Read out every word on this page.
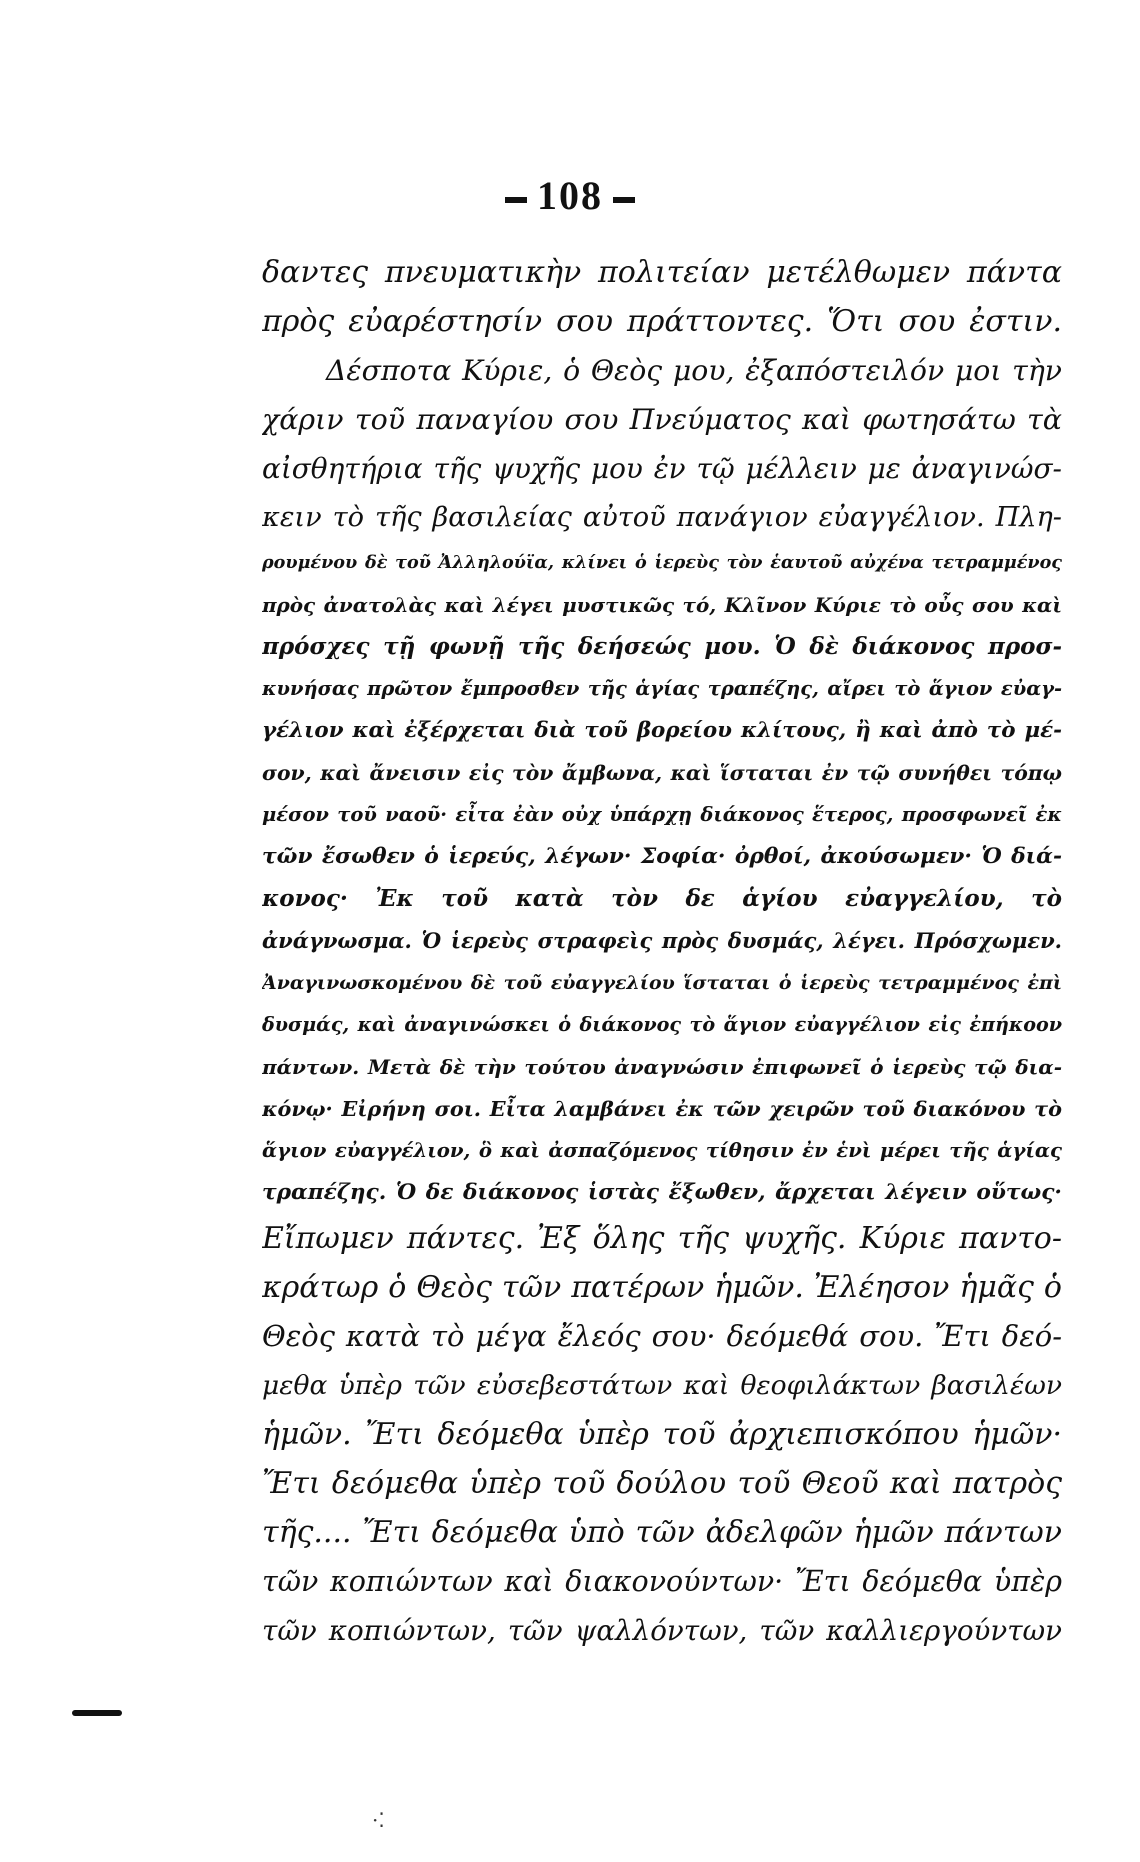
108
δαντες πνευματικὴν πολιτείαν μετέλθωμεν πάντα
πρὸς εὐαρέστησίν σου πράττοντες. Ὅτι σου ἐστιν.
Δέσποτα Κύριε, ὁ Θεὸς μου, ἐξαπόστειλόν μοι τὴν
χάριν τοῦ παναγίου σου Πνεύματος καὶ φωτησάτω τὰ
αἰσθητήρια τῆς ψυχῆς μου ἐν τῷ μέλλειν με ἀναγινώσ-
κειν τὸ τῆς βασιλείας αὐτοῦ πανάγιον εὐαγγέλιον. Πλη-
ρουμένου δὲ τοῦ Ἀλληλούϊα, κλίνει ὁ ἱερεὺς τὸν ἑαυτοῦ αὐχένα τετραμμένος
πρὸς ἀνατολὰς καὶ λέγει μυστικῶς τό, Κλῖνον Κύριε τὸ οὖς σου καὶ
πρόσχες τῇ φωνῇ τῆς δεήσεώς μου. Ὁ δὲ διάκονος προσ-
κυνήσας πρῶτον ἔμπροσθεν τῆς ἁγίας τραπέζης, αἴρει τὸ ἅγιον εὐαγ-
γέλιον καὶ ἐξέρχεται διὰ τοῦ βορείου κλίτους, ἢ καὶ ἀπὸ τὸ μέ-
σον, καὶ ἄνεισιν εἰς τὸν ἄμβωνα, καὶ ἵσταται ἐν τῷ συνήθει τόπῳ
μέσον τοῦ ναοῦ· εἶτα ἐὰν οὐχ ὑπάρχῃ διάκονος ἕτερος, προσφωνεῖ ἐκ
τῶν ἔσωθεν ὁ ἱερεύς, λέγων· Σοφία· ὀρθοί, ἀκούσωμεν· Ὁ διά-
κονος· Ἐκ τοῦ κατὰ τὸν δε ἁγίου εὐαγγελίου, τὸ
ἀνάγνωσμα. Ὁ ἱερεὺς στραφεὶς πρὸς δυσμάς, λέγει. Πρόσχωμεν.
Ἀναγινωσκομένου δὲ τοῦ εὐαγγελίου ἵσταται ὁ ἱερεὺς τετραμμένος ἐπὶ
δυσμάς, καὶ ἀναγινώσκει ὁ διάκονος τὸ ἅγιον εὐαγγέλιον εἰς ἐπήκοον
πάντων. Μετὰ δὲ τὴν τούτου ἀναγνώσιν ἐπιφωνεῖ ὁ ἱερεὺς τῷ δια-
κόνῳ· Εἰρήνη σοι. Εἶτα λαμβάνει ἐκ τῶν χειρῶν τοῦ διακόνου τὸ
ἅγιον εὐαγγέλιον, ὃ καὶ ἀσπαζόμενος τίθησιν ἐν ἑνὶ μέρει τῆς ἁγίας
τραπέζης. Ὁ δε διάκονος ἱστὰς ἔξωθεν, ἄρχεται λέγειν οὕτως·
Εἴπωμεν πάντες. Ἐξ ὅλης τῆς ψυχῆς. Κύριε παντο-
κράτωρ ὁ Θεὸς τῶν πατέρων ἡμῶν. Ἐλέησον ἡμᾶς ὁ
Θεὸς κατὰ τὸ μέγα ἔλεός σου· δεόμεθά σου. Ἔτι δεό-
μεθα ὑπὲρ τῶν εὐσεβεστάτων καὶ θεοφιλάκτων βασιλέων
ἡμῶν. Ἔτι δεόμεθα ὑπὲρ τοῦ ἀρχιεπισκόπου ἡμῶν·
Ἔτι δεόμεθα ὑπὲρ τοῦ δούλου τοῦ Θεοῦ καὶ πατρὸς
τῆς.... Ἔτι δεόμεθα ὑπὸ τῶν ἀδελφῶν ἡμῶν πάντων
τῶν κοπιώντων καὶ διακονούντων· Ἔτι δεόμεθα ὑπὲρ
τῶν κοπιώντων, τῶν ψαλλόντων, τῶν καλλιεργούντων
·⁚
